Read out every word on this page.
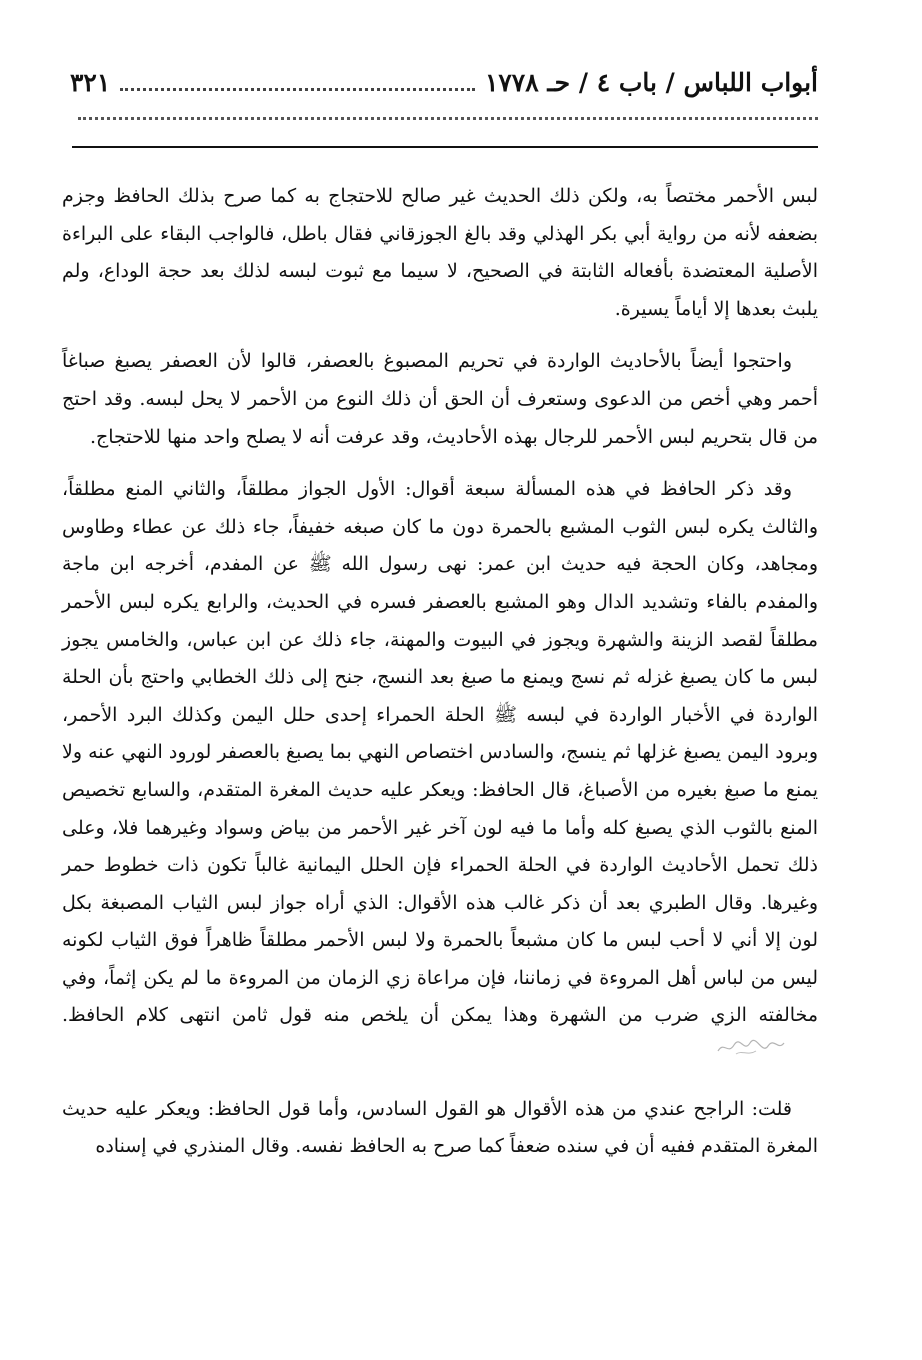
أبواب اللباس / باب ٤ / حـ ١٧٧٨
٣٢١

لبس الأحمر مختصاً به، ولكن ذلك الحديث غير صالح للاحتجاج به كما صرح بذلك الحافظ وجزم بضعفه لأنه من رواية أبي بكر الهذلي وقد بالغ الجوزقاني فقال باطل، فالواجب البقاء على البراءة الأصلية المعتضدة بأفعاله الثابتة في الصحيح، لا سيما مع ثبوت لبسه لذلك بعد حجة الوداع، ولم يلبث بعدها إلا أياماً يسيرة.

واحتجوا أيضاً بالأحاديث الواردة في تحريم المصبوغ بالعصفر، قالوا لأن العصفر يصبغ صباغاً أحمر وهي أخص من الدعوى وستعرف أن الحق أن ذلك النوع من الأحمر لا يحل لبسه. وقد احتج من قال بتحريم لبس الأحمر للرجال بهذه الأحاديث، وقد عرفت أنه لا يصلح واحد منها للاحتجاج.

وقد ذكر الحافظ في هذه المسألة سبعة أقوال: الأول الجواز مطلقاً، والثاني المنع مطلقاً، والثالث يكره لبس الثوب المشبع بالحمرة دون ما كان صبغه خفيفاً، جاء ذلك عن عطاء وطاوس ومجاهد، وكان الحجة فيه حديث ابن عمر: نهى رسول الله ﷺ عن المفدم، أخرجه ابن ماجة والمفدم بالفاء وتشديد الدال وهو المشبع بالعصفر فسره في الحديث، والرابع يكره لبس الأحمر مطلقاً لقصد الزينة والشهرة ويجوز في البيوت والمهنة، جاء ذلك عن ابن عباس، والخامس يجوز لبس ما كان يصبغ غزله ثم نسج ويمنع ما صبغ بعد النسج، جنح إلى ذلك الخطابي واحتج بأن الحلة الواردة في الأخبار الواردة في لبسه ﷺ الحلة الحمراء إحدى حلل اليمن وكذلك البرد الأحمر، وبرود اليمن يصبغ غزلها ثم ينسج، والسادس اختصاص النهي بما يصبغ بالعصفر لورود النهي عنه ولا يمنع ما صبغ بغيره من الأصباغ، قال الحافظ: ويعكر عليه حديث المغرة المتقدم، والسابع تخصيص المنع بالثوب الذي يصبغ كله وأما ما فيه لون آخر غير الأحمر من بياض وسواد وغيرهما فلا، وعلى ذلك تحمل الأحاديث الواردة في الحلة الحمراء فإن الحلل اليمانية غالباً تكون ذات خطوط حمر وغيرها. وقال الطبري بعد أن ذكر غالب هذه الأقوال: الذي أراه جواز لبس الثياب المصبغة بكل لون إلا أني لا أحب لبس ما كان مشبعاً بالحمرة ولا لبس الأحمر مطلقاً ظاهراً فوق الثياب لكونه ليس من لباس أهل المروءة في زماننا، فإن مراعاة زي الزمان من المروءة ما لم يكن إثماً، وفي مخالفته الزي ضرب من الشهرة وهذا يمكن أن يلخص منه قول ثامن انتهى كلام الحافظ.

قلت: الراجح عندي من هذه الأقوال هو القول السادس، وأما قول الحافظ: ويعكر عليه حديث المغرة المتقدم ففيه أن في سنده ضعفاً كما صرح به الحافظ نفسه. وقال المنذري في إسناده
